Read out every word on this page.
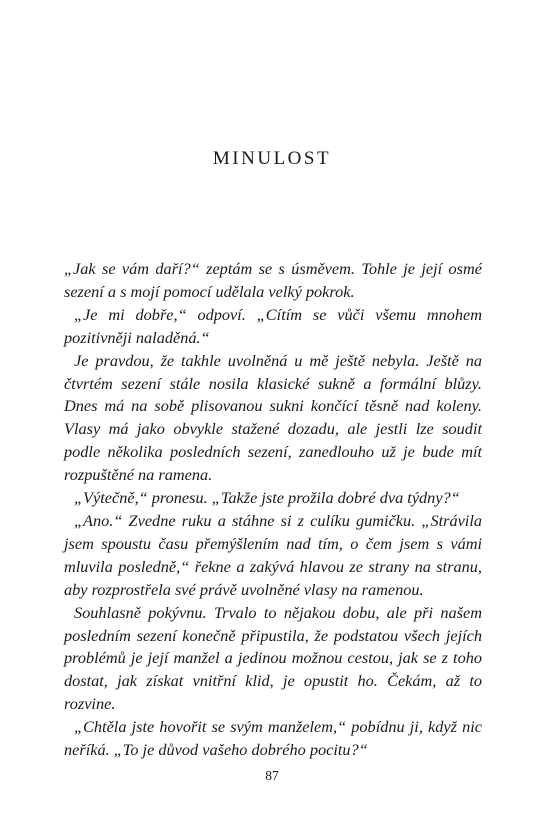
MINULOST

„Jak se vám daří?“ zeptám se s úsměvem. Tohle je její osmé sezení a s mojí pomocí udělala velký pokrok.

„Je mi dobře,“ odpoví. „Cítím se vůči všemu mnohem pozitivněji naladěná.“

Je pravdou, že takhle uvolněná u mě ještě nebyla. Ještě na čtvrtém sezení stále nosila klasické sukně a formální blůzy. Dnes má na sobě plisovanou sukni končící těsně nad koleny. Vlasy má jako obvykle stažené dozadu, ale jestli lze soudit podle několika posledních sezení, zanedlouho už je bude mít rozpuštěné na ramena.

„Výtečně,“ pronesu. „Takže jste prožila dobré dva týdny?“

„Ano.“ Zvedne ruku a stáhne si z culíku gumičku. „Strávila jsem spoustu času přemýšlením nad tím, o čem jsem s vámi mluvila posledně,“ řekne a zakývá hlavou ze strany na stranu, aby rozprostřela své právě uvolněné vlasy na ramenou.

Souhlasně pokývnu. Trvalo to nějakou dobu, ale při našem posledním sezení konečně připustila, že podstatou všech jejích problémů je její manžel a jedinou možnou cestou, jak se z toho dostat, jak získat vnitřní klid, je opustit ho. Čekám, až to rozvine.

„Chtěla jste hovořit se svým manželem,“ pobídnu ji, když nic neříká. „To je důvod vašeho dobrého pocitu?“

87
